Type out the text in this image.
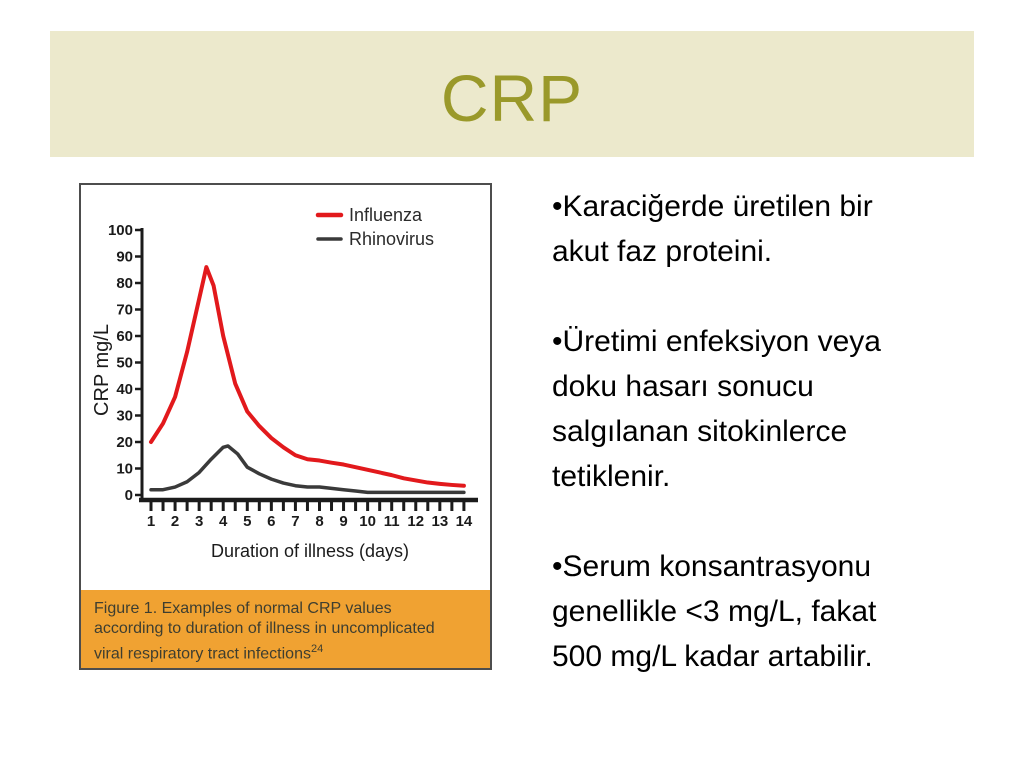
CRP
0
10
20
30
40
50
60
70
80
90
100
1 2 3 4 5 6 7 8 9 10 11 12 13 14
CRP mg/L
Duration of illness (days)
Influenza
Rhinovirus
Figure 1. Examples of normal CRP values
according to duration of illness in uncomplicated
viral respiratory tract infections$^{24}$
•Karaciğerde üretilen bir
akut faz proteini.
•Üretimi enfeksiyon veya
doku hasarı sonucu
salgılanan sitokinlerce
tetiklenir.
•Serum konsantrasyonu
genellikle <3 mg/L, fakat
500 mg/L kadar artabilir.
